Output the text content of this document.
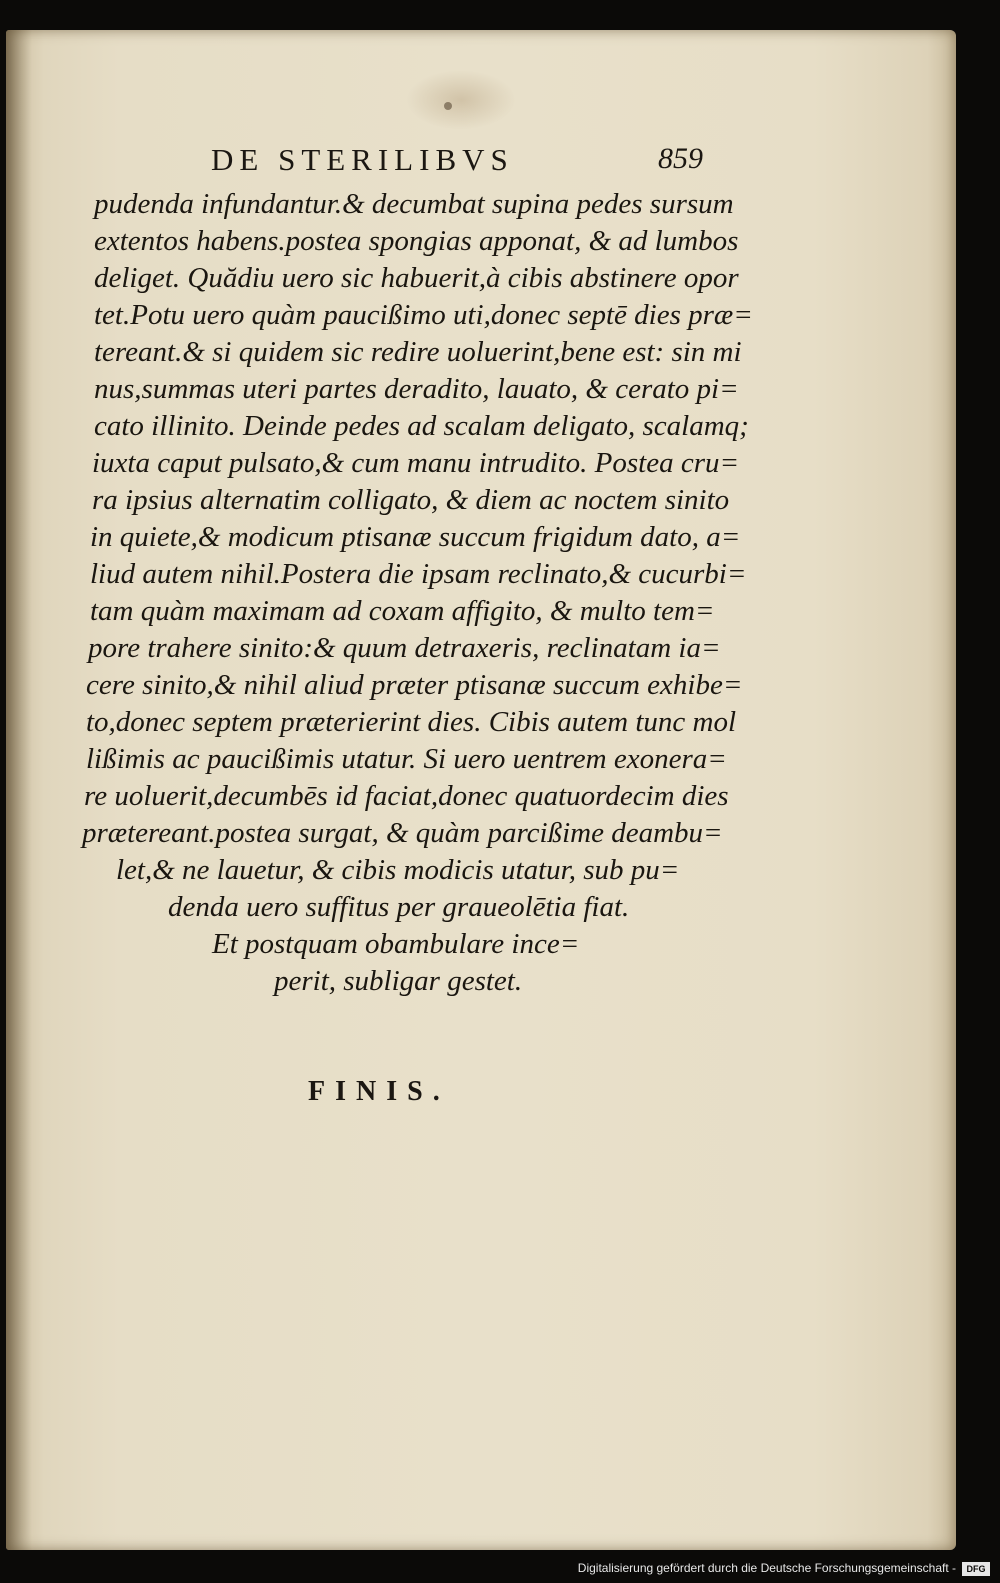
DE STERILIBVS	859
pudenda infundantur.& decumbat supina pedes sursum
extentos habens.postea spongias apponat, & ad lumbos
deliget. Quădiu uero sic habuerit,à cibis abstinere opor
tet.Potu uero quàm paucißimo uti,donec septē dies præ=
tereant.& si quidem sic redire uoluerint,bene est: sin mi
nus,summas uteri partes deradito, lauato, & cerato pi=
cato illinito. Deinde pedes ad scalam deligato, scalamq;
iuxta caput pulsato,& cum manu intrudito. Postea cru=
ra ipsius alternatim colligato, & diem ac noctem sinito
in quiete,& modicum ptisanæ succum frigidum dato, a=
liud autem nihil.Postera die ipsam reclinato,& cucurbi=
tam quàm maximam ad coxam affigito, & multo tem=
pore trahere sinito:& quum detraxeris, reclinatam ia=
cere sinito,& nihil aliud præter ptisanæ succum exhibe=
to,donec septem præterierint dies. Cibis autem tunc mol
lißimis ac paucißimis utatur. Si uero uentrem exonera=
re uoluerit,decumbēs id faciat,donec quatuordecim dies
prætereant.postea surgat, & quàm parcißime deambu=
let,& ne lauetur, & cibis modicis utatur, sub pu=
denda uero suffitus per graueolētia fiat.
Et postquam obambulare ince=
perit, subligar gestet.
FINIS.
Digitalisierung gefördert durch die Deutsche Forschungsgemeinschaft -	DFG
